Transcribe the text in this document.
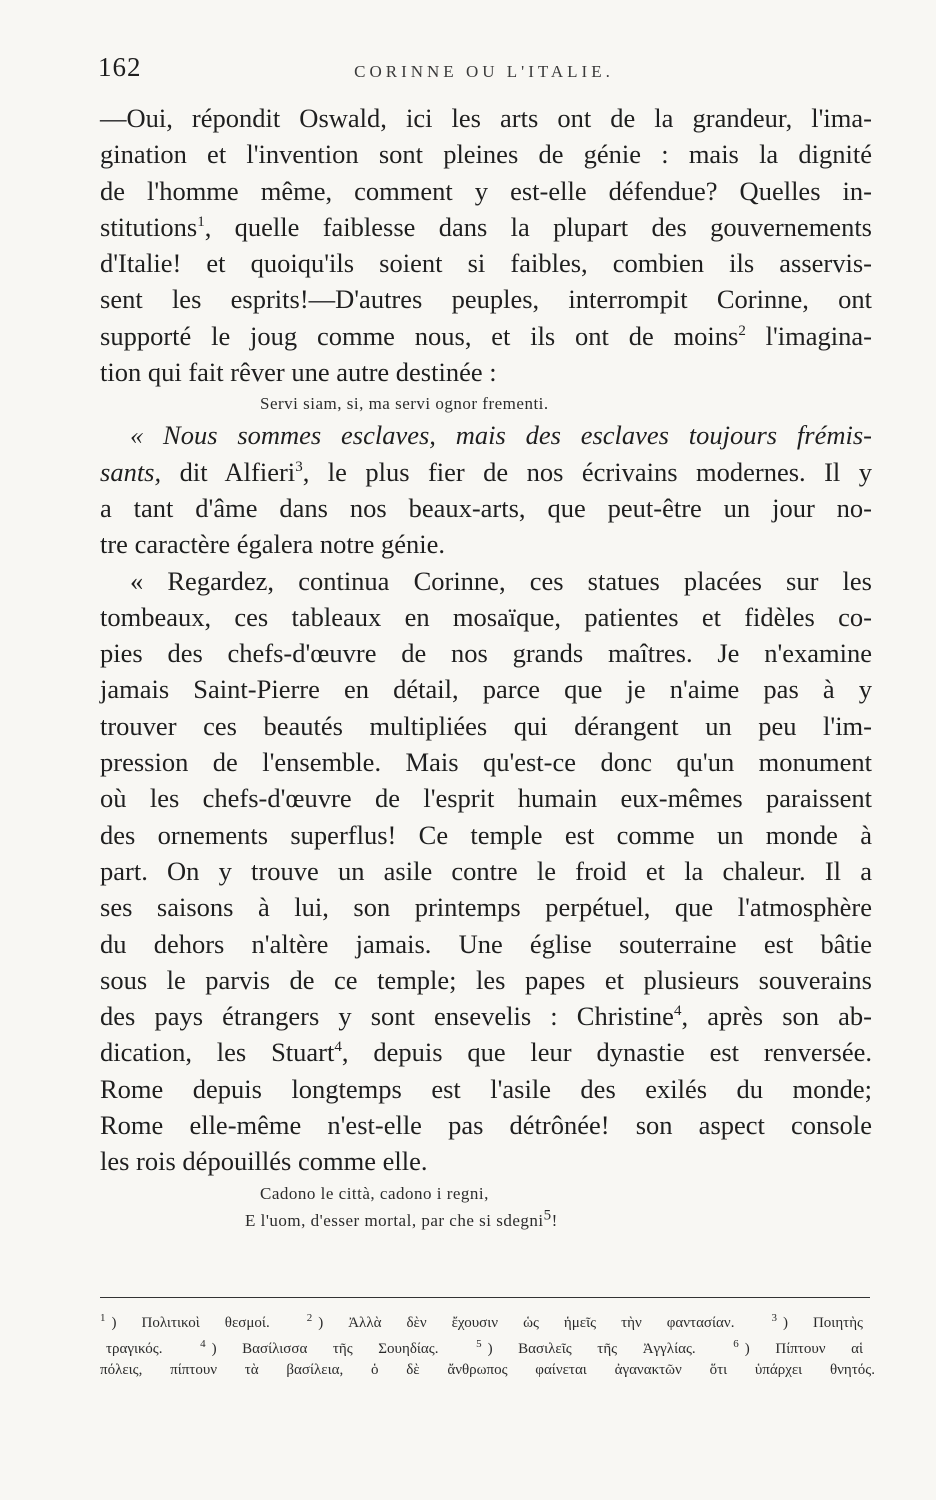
162	CORINNE OU L'ITALIE.
—Oui, répondit Oswald, ici les arts ont de la grandeur, l'ima-
gination et l'invention sont pleines de génie : mais la dignité
de l'homme même, comment y est-elle défendue? Quelles in-
stitutions$^1$, quelle faiblesse dans la plupart des gouvernements
d'Italie! et quoiqu'ils soient si faibles, combien ils asservis-
sent les esprits!—D'autres peuples, interrompit Corinne, ont
supporté le joug comme nous, et ils ont de moins$^2$ l'imagina-
tion qui fait rêver une autre destinée :
Servi siam, si, ma servi ognor frementi.
« Nous sommes esclaves, mais des esclaves toujours frémis-
sants, dit Alfieri$^3$, le plus fier de nos écrivains modernes. Il y
a tant d'âme dans nos beaux-arts, que peut-être un jour no-
tre caractère égalera notre génie.
« Regardez, continua Corinne, ces statues placées sur les
tombeaux, ces tableaux en mosaïque, patientes et fidèles co-
pies des chefs-d'œuvre de nos grands maîtres. Je n'examine
jamais Saint-Pierre en détail, parce que je n'aime pas à y
trouver ces beautés multipliées qui dérangent un peu l'im-
pression de l'ensemble. Mais qu'est-ce donc qu'un monument
où les chefs-d'œuvre de l'esprit humain eux-mêmes paraissent
des ornements superflus! Ce temple est comme un monde à
part. On y trouve un asile contre le froid et la chaleur. Il a
ses saisons à lui, son printemps perpétuel, que l'atmosphère
du dehors n'altère jamais. Une église souterraine est bâtie
sous le parvis de ce temple; les papes et plusieurs souverains
des pays étrangers y sont ensevelis : Christine$^4$, après son ab-
dication, les Stuart$^4$, depuis que leur dynastie est renversée.
Rome depuis longtemps est l'asile des exilés du monde;
Rome elle-même n'est-elle pas détrônée! son aspect console
les rois dépouillés comme elle.
Cadono le città, cadono i regni,
E l'uom, d'esser mortal, par che si sdegni$^5$!
$^1$ ) Πολιτικοὶ θεσμοί.	$^2$ ) Ἀλλὰ δὲν ἔχουσιν ὡς ἡμεῖς τὴν φαντασίαν.	$^3$ ) Ποιητὴς
τραγικός.	$^4$ ) Βασίλισσα τῆς Σουηδίας.	$^5$ ) Βασιλεῖς τῆς Ἀγγλίας.	$^6$ ) Πίπτουν αἱ
πόλεις, πίπτουν τὰ βασίλεια, ὁ δὲ ἄνθρωπος φαίνεται ἀγανακτῶν ὅτι ὑπάρχει θνητός.
